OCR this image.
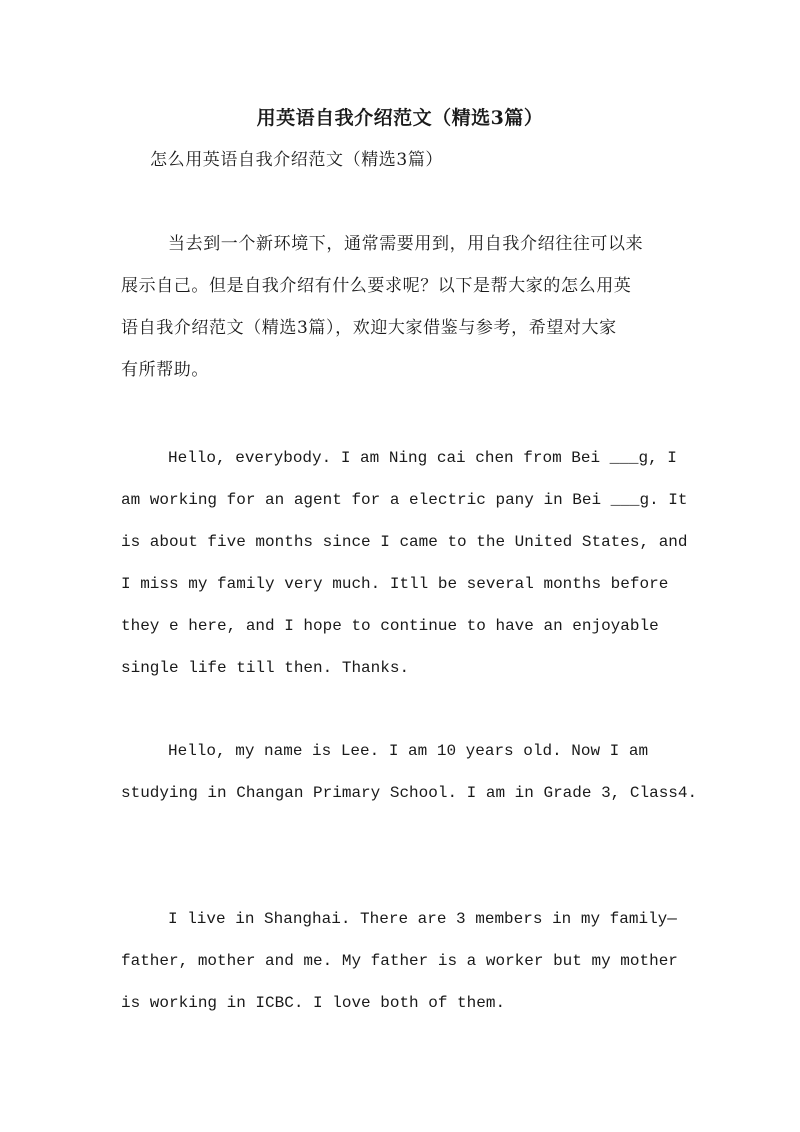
用英语自我介绍范文（精选3篇）
怎么用英语自我介绍范文（精选3篇）
当去到一个新环境下，通常需要用到，用自我介绍往往可以来
展示自己。但是自我介绍有什么要求呢？以下是帮大家的怎么用英
语自我介绍范文（精选3篇），欢迎大家借鉴与参考，希望对大家
有所帮助。
Hello, everybody. I am Ning cai chen from Bei ___g, I
am working for an agent for a electric pany in Bei ___g. It
is about five months since I came to the United States, and
I miss my family very much. Itll be several months before
they e here, and I hope to continue to have an enjoyable
single life till then. Thanks.
Hello, my name is Lee. I am 10 years old. Now I am
studying in Changan Primary School. I am in Grade 3, Class4.
I live in Shanghai. There are 3 members in my family—
father, mother and me. My father is a worker but my mother
is working in ICBC. I love both of them.
